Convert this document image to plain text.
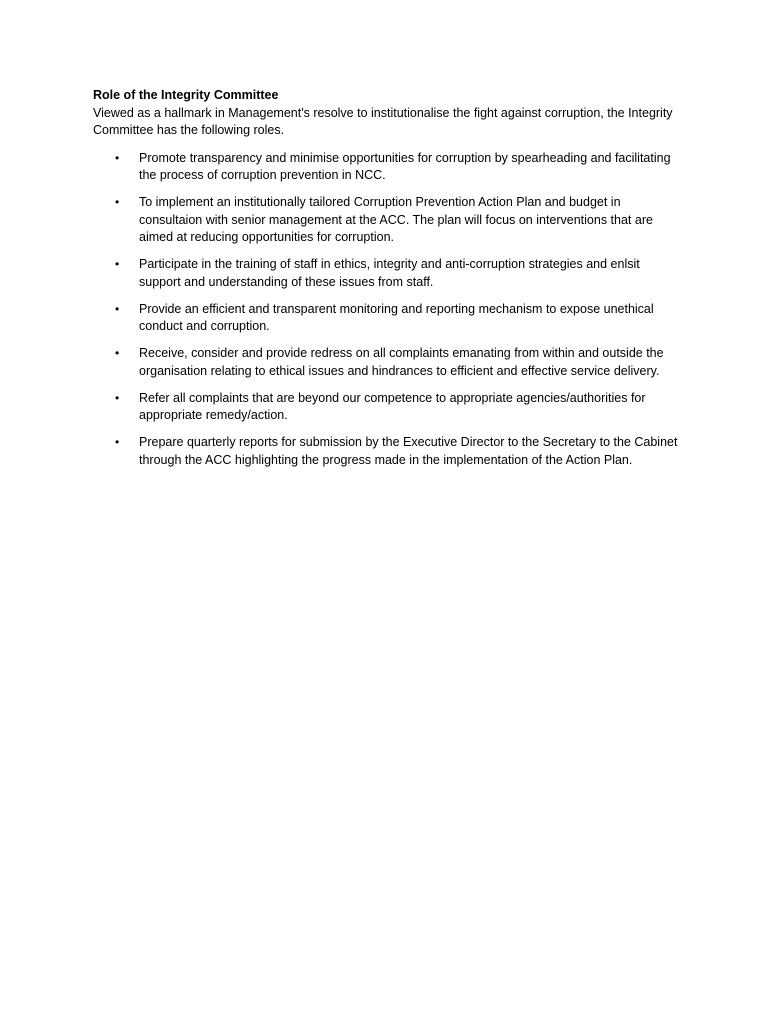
Role of the Integrity Committee

Viewed as a hallmark in Management's resolve to institutionalise the fight against corruption, the Integrity Committee has the following roles.

• Promote transparency and minimise opportunities for corruption by spearheading and facilitating the process of corruption prevention in NCC.
• To implement an institutionally tailored Corruption Prevention Action Plan and budget in consultaion with senior management at the ACC. The plan will focus on interventions that are aimed at reducing opportunities for corruption.
• Participate in the training of staff in ethics, integrity and anti-corruption strategies and enlsit support and understanding of these issues from staff.
• Provide an efficient and transparent monitoring and reporting mechanism to expose unethical conduct and corruption.
• Receive, consider and provide redress on all complaints emanating from within and outside the organisation relating to ethical issues and hindrances to efficient and effective service delivery.
• Refer all complaints that are beyond our competence to appropriate agencies/authorities for appropriate remedy/action.
• Prepare quarterly reports for submission by the Executive Director to the Secretary to the Cabinet through the ACC highlighting the progress made in the implementation of the Action Plan.
